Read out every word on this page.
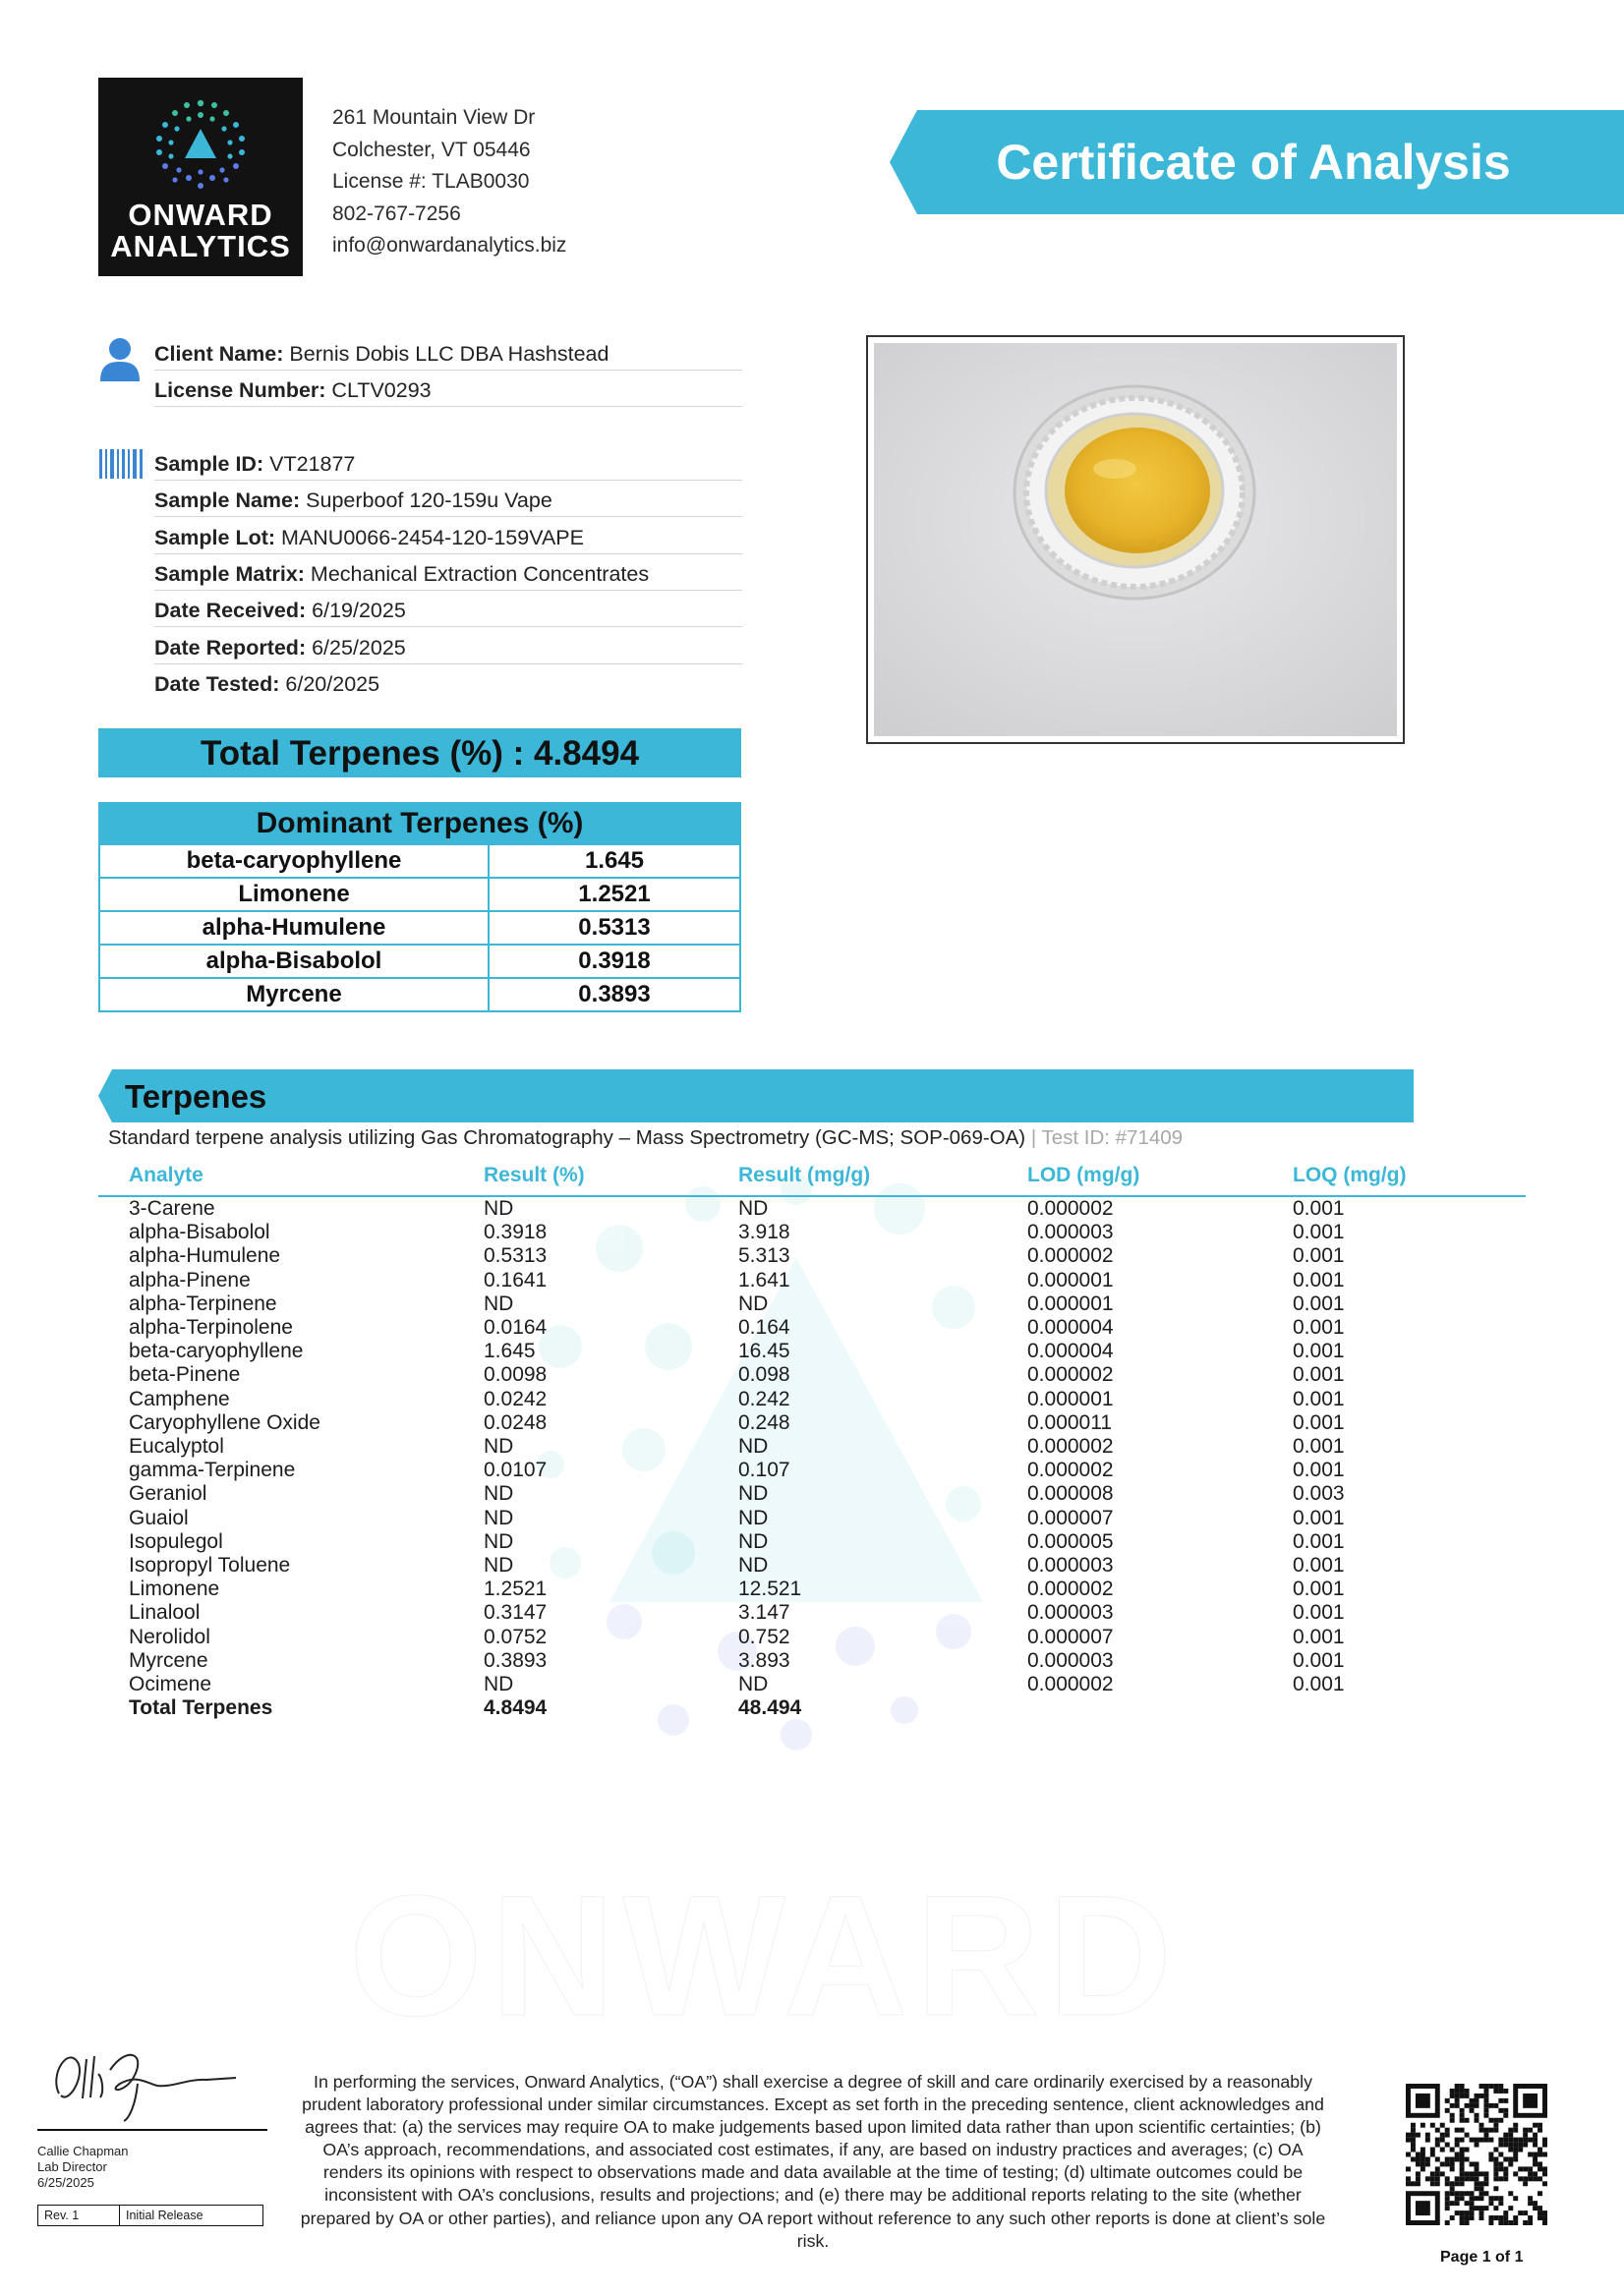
ONWARD
ONWARD
ANALYTICS
261 Mountain View Dr
Colchester, VT 05446
License #: TLAB0030
802-767-7256
info@onwardanalytics.biz
Certificate of Analysis
Client Name: Bernis Dobis LLC DBA Hashstead
License Number: CLTV0293
Sample ID: VT21877
Sample Name: Superboof 120-159u Vape
Sample Lot: MANU0066-2454-120-159VAPE
Sample Matrix: Mechanical Extraction Concentrates
Date Received: 6/19/2025
Date Reported: 6/25/2025
Date Tested: 6/20/2025
Total Terpenes (%) : 4.8494
Dominant Terpenes (%)
beta-caryophyllene	1.645
Limonene	1.2521
alpha-Humulene	0.5313
alpha-Bisabolol	0.3918
Myrcene	0.3893
Terpenes
Standard terpene analysis utilizing Gas Chromatography – Mass Spectrometry (GC-MS; SOP-069-OA) | Test ID: #71409
Analyte	Result (%)	Result (mg/g)	LOD (mg/g)	LOQ (mg/g)
3-Carene	ND	ND	0.000002	0.001
alpha-Bisabolol	0.3918	3.918	0.000003	0.001
alpha-Humulene	0.5313	5.313	0.000002	0.001
alpha-Pinene	0.1641	1.641	0.000001	0.001
alpha-Terpinene	ND	ND	0.000001	0.001
alpha-Terpinolene	0.0164	0.164	0.000004	0.001
beta-caryophyllene	1.645	16.45	0.000004	0.001
beta-Pinene	0.0098	0.098	0.000002	0.001
Camphene	0.0242	0.242	0.000001	0.001
Caryophyllene Oxide	0.0248	0.248	0.000011	0.001
Eucalyptol	ND	ND	0.000002	0.001
gamma-Terpinene	0.0107	0.107	0.000002	0.001
Geraniol	ND	ND	0.000008	0.003
Guaiol	ND	ND	0.000007	0.001
Isopulegol	ND	ND	0.000005	0.001
Isopropyl Toluene	ND	ND	0.000003	0.001
Limonene	1.2521	12.521	0.000002	0.001
Linalool	0.3147	3.147	0.000003	0.001
Nerolidol	0.0752	0.752	0.000007	0.001
Myrcene	0.3893	3.893	0.000003	0.001
Ocimene	ND	ND	0.000002	0.001
Total Terpenes	4.8494	48.494
Callie Chapman
Lab Director
6/25/2025
Rev. 1	Initial Release
In performing the services, Onward Analytics, (“OA”) shall exercise a degree of skill and care ordinarily exercised by a reasonably prudent laboratory professional under similar circumstances. Except as set forth in the preceding sentence, client acknowledges and agrees that: (a) the services may require OA to make judgements based upon limited data rather than upon scientific certainties; (b) OA’s approach, recommendations, and associated cost estimates, if any, are based on industry practices and averages; (c) OA renders its opinions with respect to observations made and data available at the time of testing; (d) ultimate outcomes could be inconsistent with OA’s conclusions, results and projections; and (e) there may be additional reports relating to the site (whether prepared by OA or other parties), and reliance upon any OA report without reference to any such other reports is done at client’s sole risk.
Page 1 of 1
